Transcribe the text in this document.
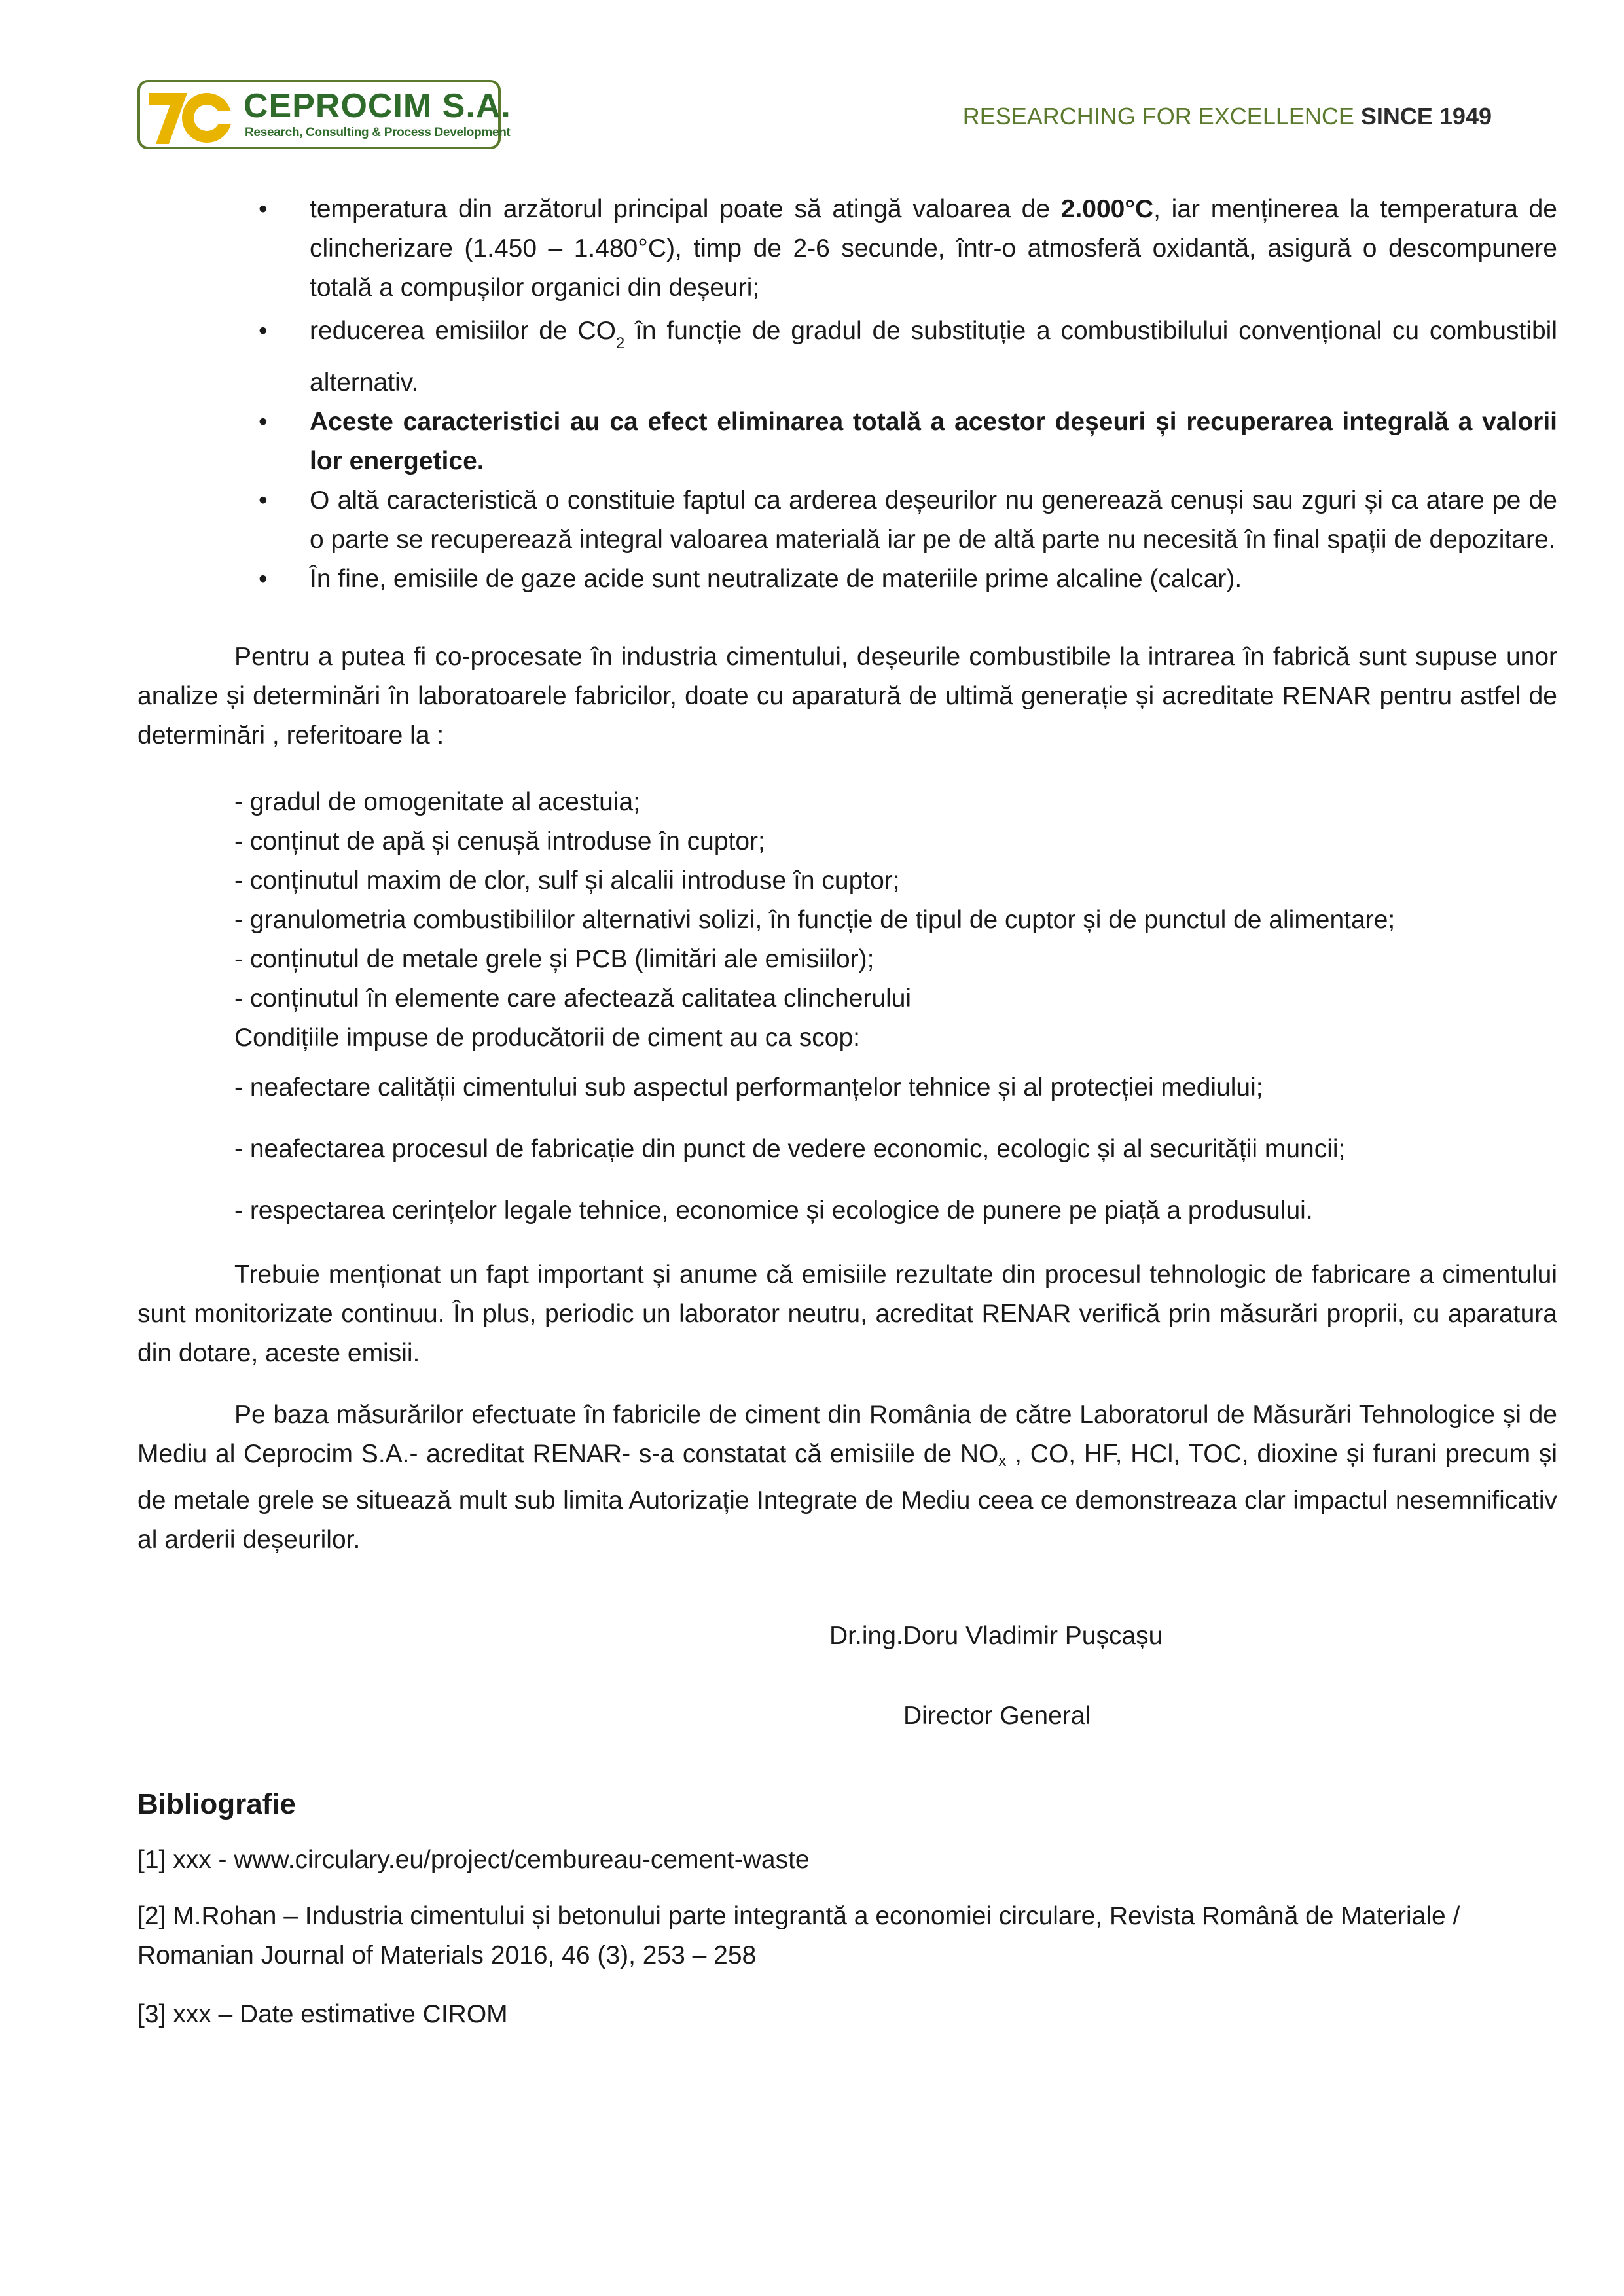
CEPROCIM S.A.
Research, Consulting & Process Development
RESEARCHING FOR EXCELLENCE SINCE 1949
• temperatura din arzătorul principal poate să atingă valoarea de 2.000°C, iar menținerea la temperatura de clincherizare (1.450 – 1.480°C), timp de 2-6 secunde, într-o atmosferă oxidantă, asigură o descompunere totală a compușilor organici din deșeuri;
• reducerea emisiilor de $CO_2$ în funcție de gradul de substituție a combustibilului convențional cu combustibil alternativ.
• Aceste caracteristici au ca efect eliminarea totală a acestor deșeuri și recuperarea integrală a valorii lor energetice.
• O altă caracteristică o constituie faptul ca arderea deșeurilor nu generează cenuși sau zguri și ca atare pe de o parte se recuperează integral valoarea materială iar pe de altă parte nu necesită în final spații de depozitare.
• În fine, emisiile de gaze acide sunt neutralizate de materiile prime alcaline (calcar).
Pentru a putea fi co-procesate în industria cimentului, deșeurile combustibile la intrarea în fabrică sunt supuse unor analize și determinări în laboratoarele fabricilor, doate cu aparatură de ultimă generație și acreditate RENAR pentru astfel de determinări , referitoare la :
- gradul de omogenitate al acestuia;
- conținut de apă și cenușă introduse în cuptor;
- conținutul maxim de clor, sulf și alcalii introduse în cuptor;
- granulometria combustibililor alternativi solizi, în funcție de tipul de cuptor și de punctul de alimentare;
- conținutul de metale grele și PCB (limitări ale emisiilor);
- conținutul în elemente care afectează calitatea clincherului
Condițiile impuse de producătorii de ciment au ca scop:
- neafectare calității cimentului sub aspectul performanțelor tehnice și al protecției mediului;
- neafectarea procesul de fabricație din punct de vedere economic, ecologic și al securității muncii;
- respectarea cerințelor legale tehnice, economice și ecologice de punere pe piață a produsului.
Trebuie menționat un fapt important și anume că emisiile rezultate din procesul tehnologic de fabricare a cimentului sunt monitorizate continuu. În plus, periodic un laborator neutru, acreditat RENAR verifică prin măsurări proprii, cu aparatura din dotare, aceste emisii.
Pe baza măsurărilor efectuate în fabricile de ciment din România de către Laboratorul de Măsurări Tehnologice și de Mediu al Ceprocim S.A.- acreditat RENAR- s-a constatat că emisiile de NOx , CO, HF, HCl, TOC, dioxine și furani precum și de metale grele se situează mult sub limita Autorizație Integrate de Mediu ceea ce demonstreaza clar impactul nesemnificativ al arderii deșeurilor.
Dr.ing.Doru Vladimir Pușcașu
Director General
Bibliografie
[1] xxx - www.circulary.eu/project/cembureau-cement-waste
[2] M.Rohan – Industria cimentului și betonului parte integrantă a economiei circulare, Revista Română de Materiale / Romanian Journal of Materials 2016, 46 (3), 253 – 258
[3] xxx – Date estimative CIROM
